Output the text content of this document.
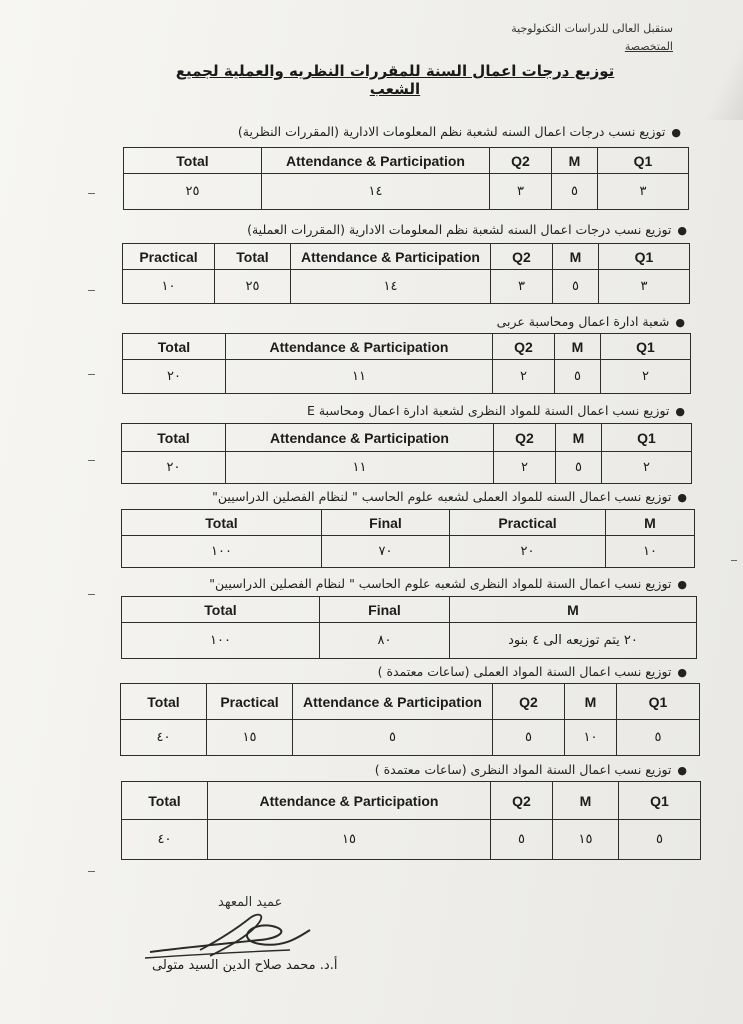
ستقبل العالى للدراسات التكنولوجية
المتخصصة
توزيع درجات اعمال السنة للمقررات النظريه والعملية لجميع الشعب
●توزيع نسب درجات اعمال السنه لشعبة نظم المعلومات الادارية (المقررات النظرية)
Total	Attendance & Participation	Q2	M	Q1
٢٥	١٤	٣	٥	٣
●توزيع نسب درجات اعمال السنه لشعبة نظم المعلومات الادارية (المقررات العملية)
Practical	Total	Attendance & Participation	Q2	M	Q1
١٠	٢٥	١٤	٣	٥	٣
●شعبة ادارة اعمال ومحاسبة عربى
Total	Attendance & Participation	Q2	M	Q1
٢٠	١١	٢	٥	٢
●توزيع نسب اعمال السنة للمواد النظرى لشعبة ادارة اعمال ومحاسبة E
Total	Attendance & Participation	Q2	M	Q1
٢٠	١١	٢	٥	٢
●توزيع نسب اعمال السنه للمواد العملى لشعبه علوم الحاسب " لنظام الفصلين الدراسيين"
Total	Final	Practical	M
١٠٠	٧٠	٢٠	١٠
●توزيع نسب اعمال السنة للمواد النظرى لشعبه علوم الحاسب " لنظام الفصلين الدراسيين"
Total	Final	M
١٠٠	٨٠	٢٠ يتم توزيعه الى ٤ بنود
●توزيع نسب اعمال السنة المواد العملى (ساعات معتمدة )
Total	Practical	Attendance & Participation	Q2	M	Q1
٤٠	١٥	٥	٥	١٠	٥
●توزيع نسب اعمال السنة المواد النظرى (ساعات معتمدة )
Total	Attendance & Participation	Q2	M	Q1
٤٠	١٥	٥	١٥	٥
عميد المعهد
أ.د. محمد صلاح الدين السيد متولى
